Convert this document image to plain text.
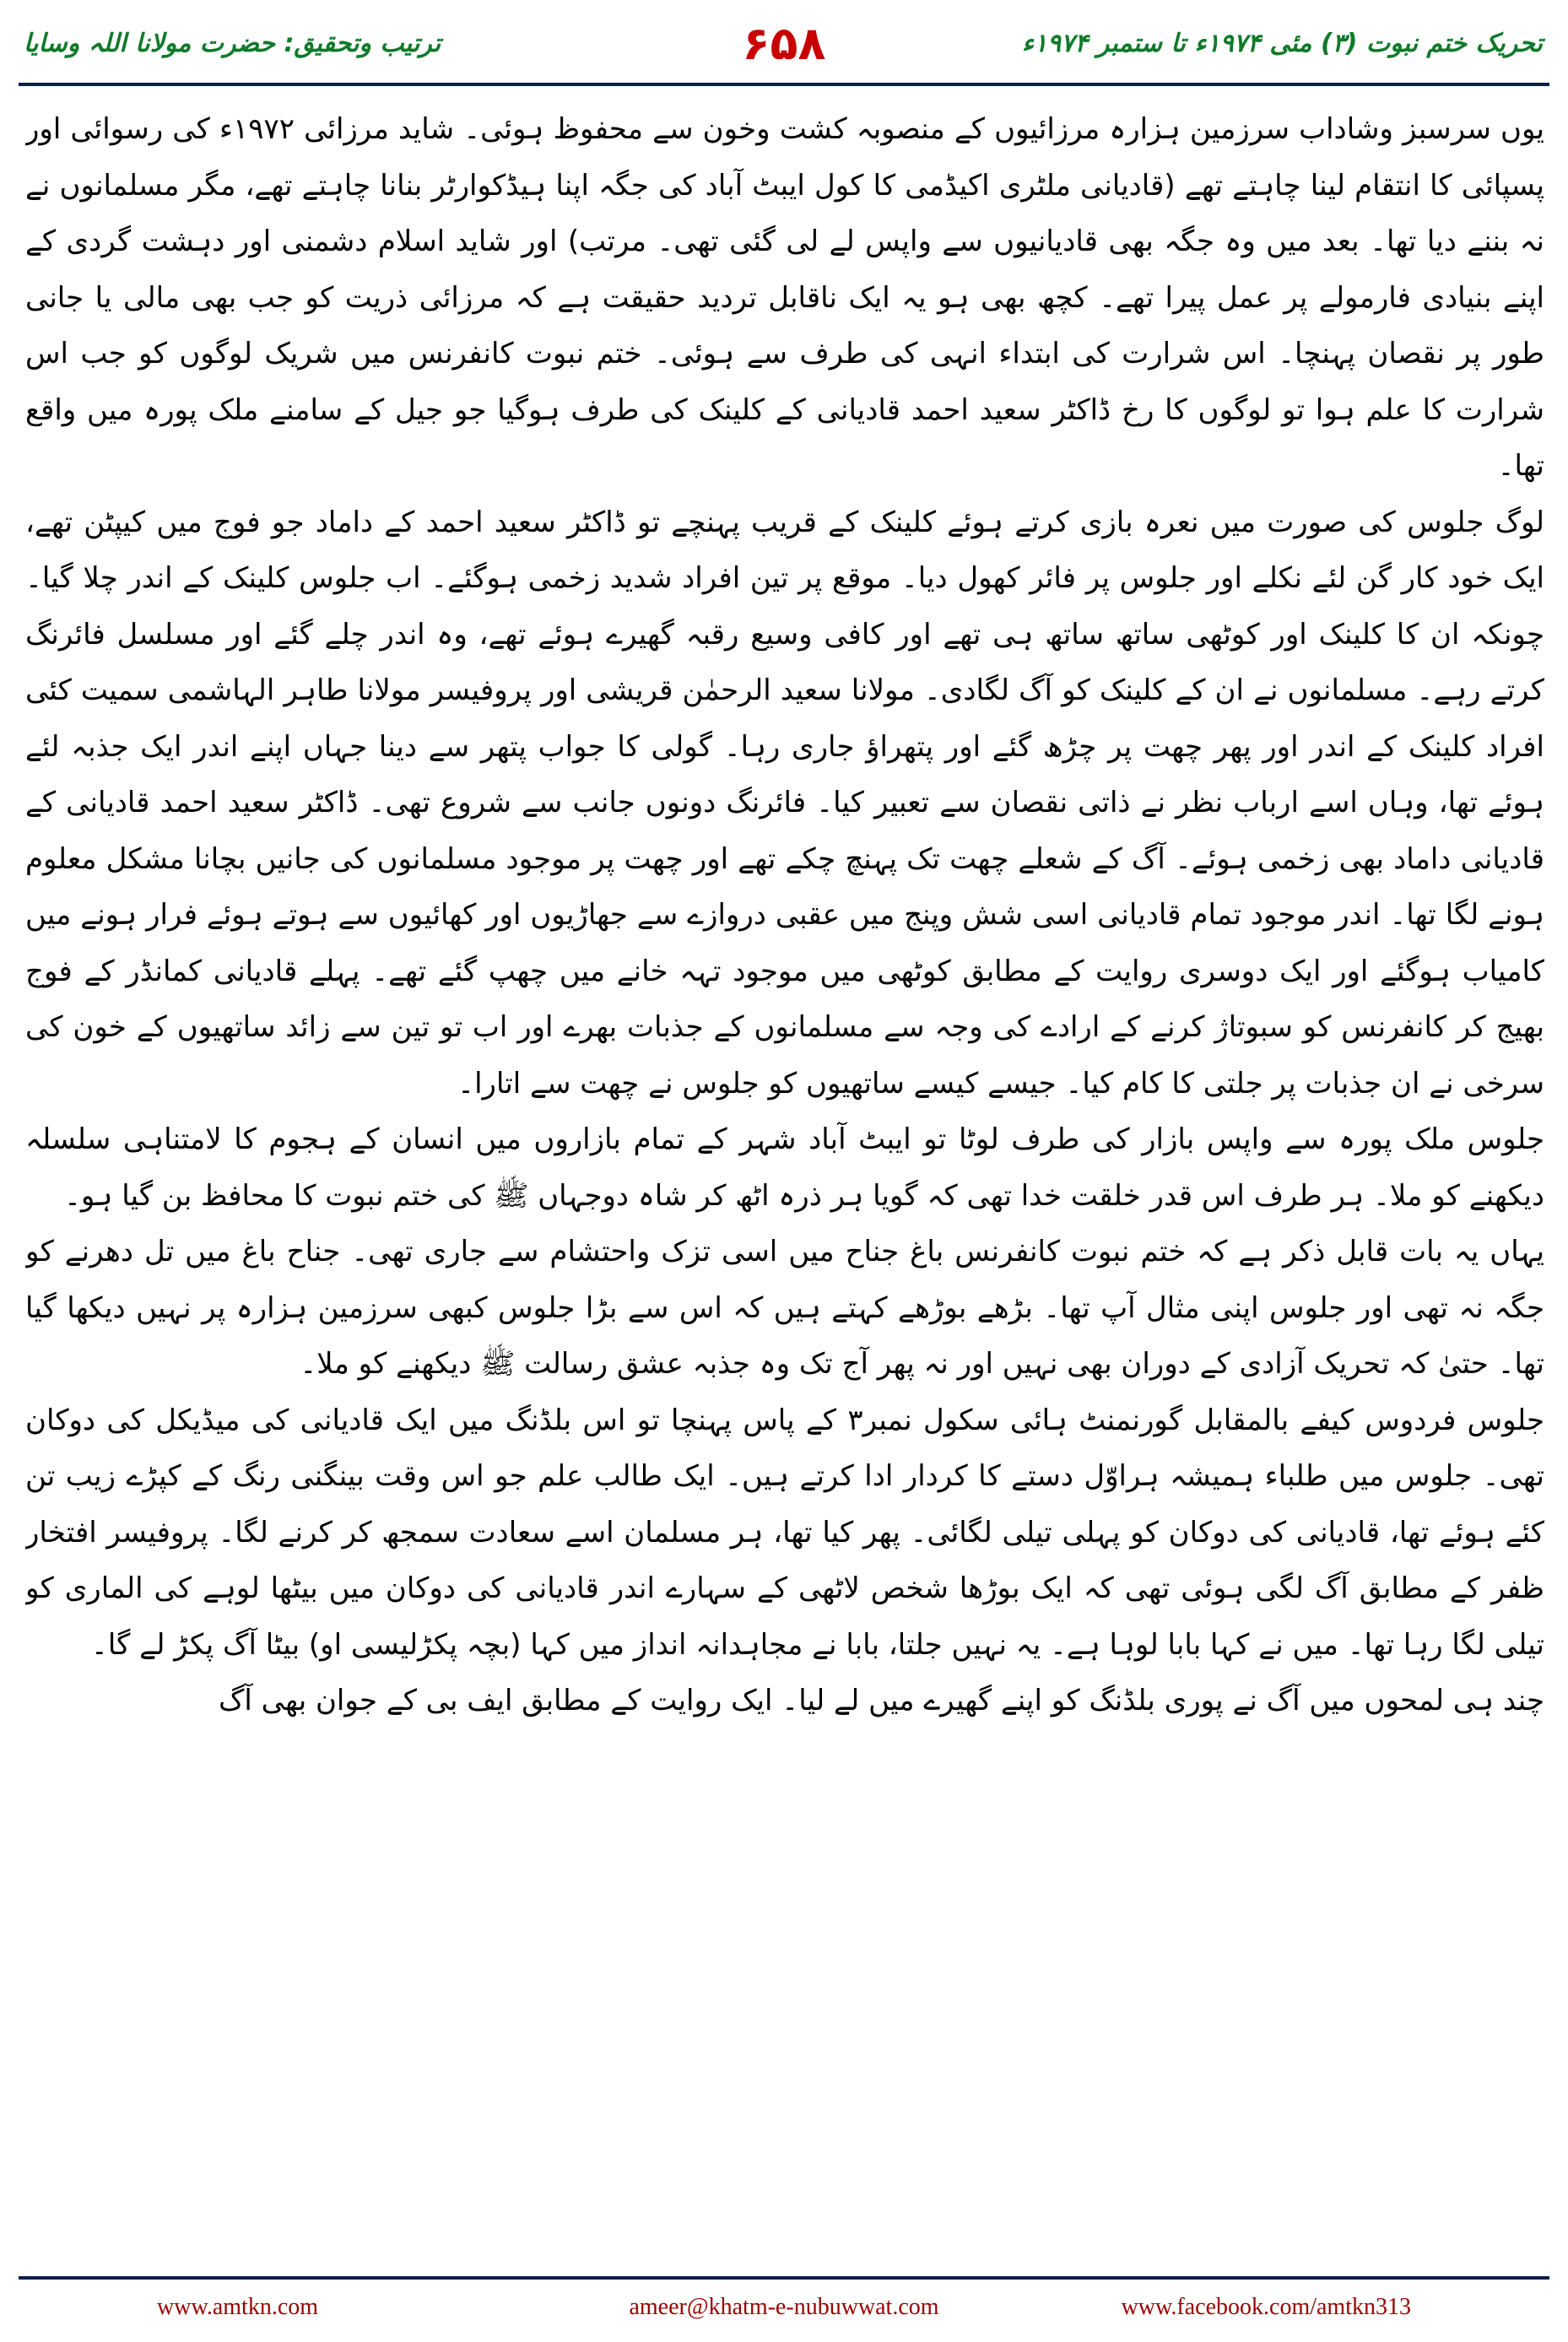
ترتیب وتحقیق: حضرت مولانا اللہ وسایا	۶۵۸	تحریک ختم نبوت (۳) مئی ۱۹۷۴ء تا ستمبر ۱۹۷۴ء

یوں سرسبز وشاداب سرزمین ہزارہ مرزائیوں کے منصوبہ کشت وخون سے محفوظ ہوئی۔ شاید مرزائی ۱۹۷۲ء کی رسوائی اور پسپائی کا انتقام لینا چاہتے تھے (قادیانی ملٹری اکیڈمی کا کول ایبٹ آباد کی جگہ اپنا ہیڈکوارٹر بنانا چاہتے تھے، مگر مسلمانوں نے نہ بننے دیا تھا۔ بعد میں وہ جگہ بھی قادیانیوں سے واپس لے لی گئی تھی۔ مرتب) اور شاید اسلام دشمنی اور دہشت گردی کے اپنے بنیادی فارمولے پر عمل پیرا تھے۔ کچھ بھی ہو یہ ایک ناقابل تردید حقیقت ہے کہ مرزائی ذریت کو جب بھی مالی یا جانی طور پر نقصان پہنچا۔ اس شرارت کی ابتداء انہی کی طرف سے ہوئی۔ ختم نبوت کانفرنس میں شریک لوگوں کو جب اس شرارت کا علم ہوا تو لوگوں کا رخ ڈاکٹر سعید احمد قادیانی کے کلینک کی طرف ہوگیا جو جیل کے سامنے ملک پورہ میں واقع تھا۔

لوگ جلوس کی صورت میں نعرہ بازی کرتے ہوئے کلینک کے قریب پہنچے تو ڈاکٹر سعید احمد کے داماد جو فوج میں کیپٹن تھے، ایک خود کار گن لئے نکلے اور جلوس پر فائر کھول دیا۔ موقع پر تین افراد شدید زخمی ہوگئے۔ اب جلوس کلینک کے اندر چلا گیا۔ چونکہ ان کا کلینک اور کوٹھی ساتھ ساتھ ہی تھے اور کافی وسیع رقبہ گھیرے ہوئے تھے، وہ اندر چلے گئے اور مسلسل فائرنگ کرتے رہے۔ مسلمانوں نے ان کے کلینک کو آگ لگادی۔ مولانا سعید الرحمٰن قریشی اور پروفیسر مولانا طاہر الہاشمی سمیت کئی افراد کلینک کے اندر اور پھر چھت پر چڑھ گئے اور پتھراؤ جاری رہا۔ گولی کا جواب پتھر سے دینا جہاں اپنے اندر ایک جذبہ لئے ہوئے تھا، وہاں اسے ارباب نظر نے ذاتی نقصان سے تعبیر کیا۔ فائرنگ دونوں جانب سے شروع تھی۔ ڈاکٹر سعید احمد قادیانی کے قادیانی داماد بھی زخمی ہوئے۔ آگ کے شعلے چھت تک پہنچ چکے تھے اور چھت پر موجود مسلمانوں کی جانیں بچانا مشکل معلوم ہونے لگا تھا۔ اندر موجود تمام قادیانی اسی شش وپنج میں عقبی دروازے سے جھاڑیوں اور کھائیوں سے ہوتے ہوئے فرار ہونے میں کامیاب ہوگئے اور ایک دوسری روایت کے مطابق کوٹھی میں موجود تہہ خانے میں چھپ گئے تھے۔ پہلے قادیانی کمانڈر کے فوج بھیج کر کانفرنس کو سبوتاژ کرنے کے ارادے کی وجہ سے مسلمانوں کے جذبات بھرے اور اب تو تین سے زائد ساتھیوں کے خون کی سرخی نے ان جذبات پر جلتی کا کام کیا۔ جیسے کیسے ساتھیوں کو جلوس نے چھت سے اتارا۔

جلوس ملک پورہ سے واپس بازار کی طرف لوٹا تو ایبٹ آباد شہر کے تمام بازاروں میں انسان کے ہجوم کا لامتناہی سلسلہ دیکھنے کو ملا۔ ہر طرف اس قدر خلقت خدا تھی کہ گویا ہر ذرہ اٹھ کر شاہ دوجہاں ﷺ کی ختم نبوت کا محافظ بن گیا ہو۔

یہاں یہ بات قابل ذکر ہے کہ ختم نبوت کانفرنس باغ جناح میں اسی تزک واحتشام سے جاری تھی۔ جناح باغ میں تل دھرنے کو جگہ نہ تھی اور جلوس اپنی مثال آپ تھا۔ بڑھے بوڑھے کہتے ہیں کہ اس سے بڑا جلوس کبھی سرزمین ہزارہ پر نہیں دیکھا گیا تھا۔ حتیٰ کہ تحریک آزادی کے دوران بھی نہیں اور نہ پھر آج تک وہ جذبہ عشق رسالت ﷺ دیکھنے کو ملا۔

جلوس فردوس کیفے بالمقابل گورنمنٹ ہائی سکول نمبر۳ کے پاس پہنچا تو اس بلڈنگ میں ایک قادیانی کی میڈیکل کی دوکان تھی۔ جلوس میں طلباء ہمیشہ ہراوّل دستے کا کردار ادا کرتے ہیں۔ ایک طالب علم جو اس وقت بینگنی رنگ کے کپڑے زیب تن کئے ہوئے تھا، قادیانی کی دوکان کو پہلی تیلی لگائی۔ پھر کیا تھا، ہر مسلمان اسے سعادت سمجھ کر کرنے لگا۔ پروفیسر افتخار ظفر کے مطابق آگ لگی ہوئی تھی کہ ایک بوڑھا شخص لاٹھی کے سہارے اندر قادیانی کی دوکان میں بیٹھا لوہے کی الماری کو تیلی لگا رہا تھا۔ میں نے کہا بابا لوہا ہے۔ یہ نہیں جلتا، بابا نے مجاہدانہ انداز میں کہا (بچہ پکڑلیسی او) بیٹا آگ پکڑ لے گا۔

چند ہی لمحوں میں آگ نے پوری بلڈنگ کو اپنے گھیرے میں لے لیا۔ ایک روایت کے مطابق ایف بی کے جوان بھی آگ

www.amtkn.com	ameer@khatm-e-nubuwwat.com	www.facebook.com/amtkn313
